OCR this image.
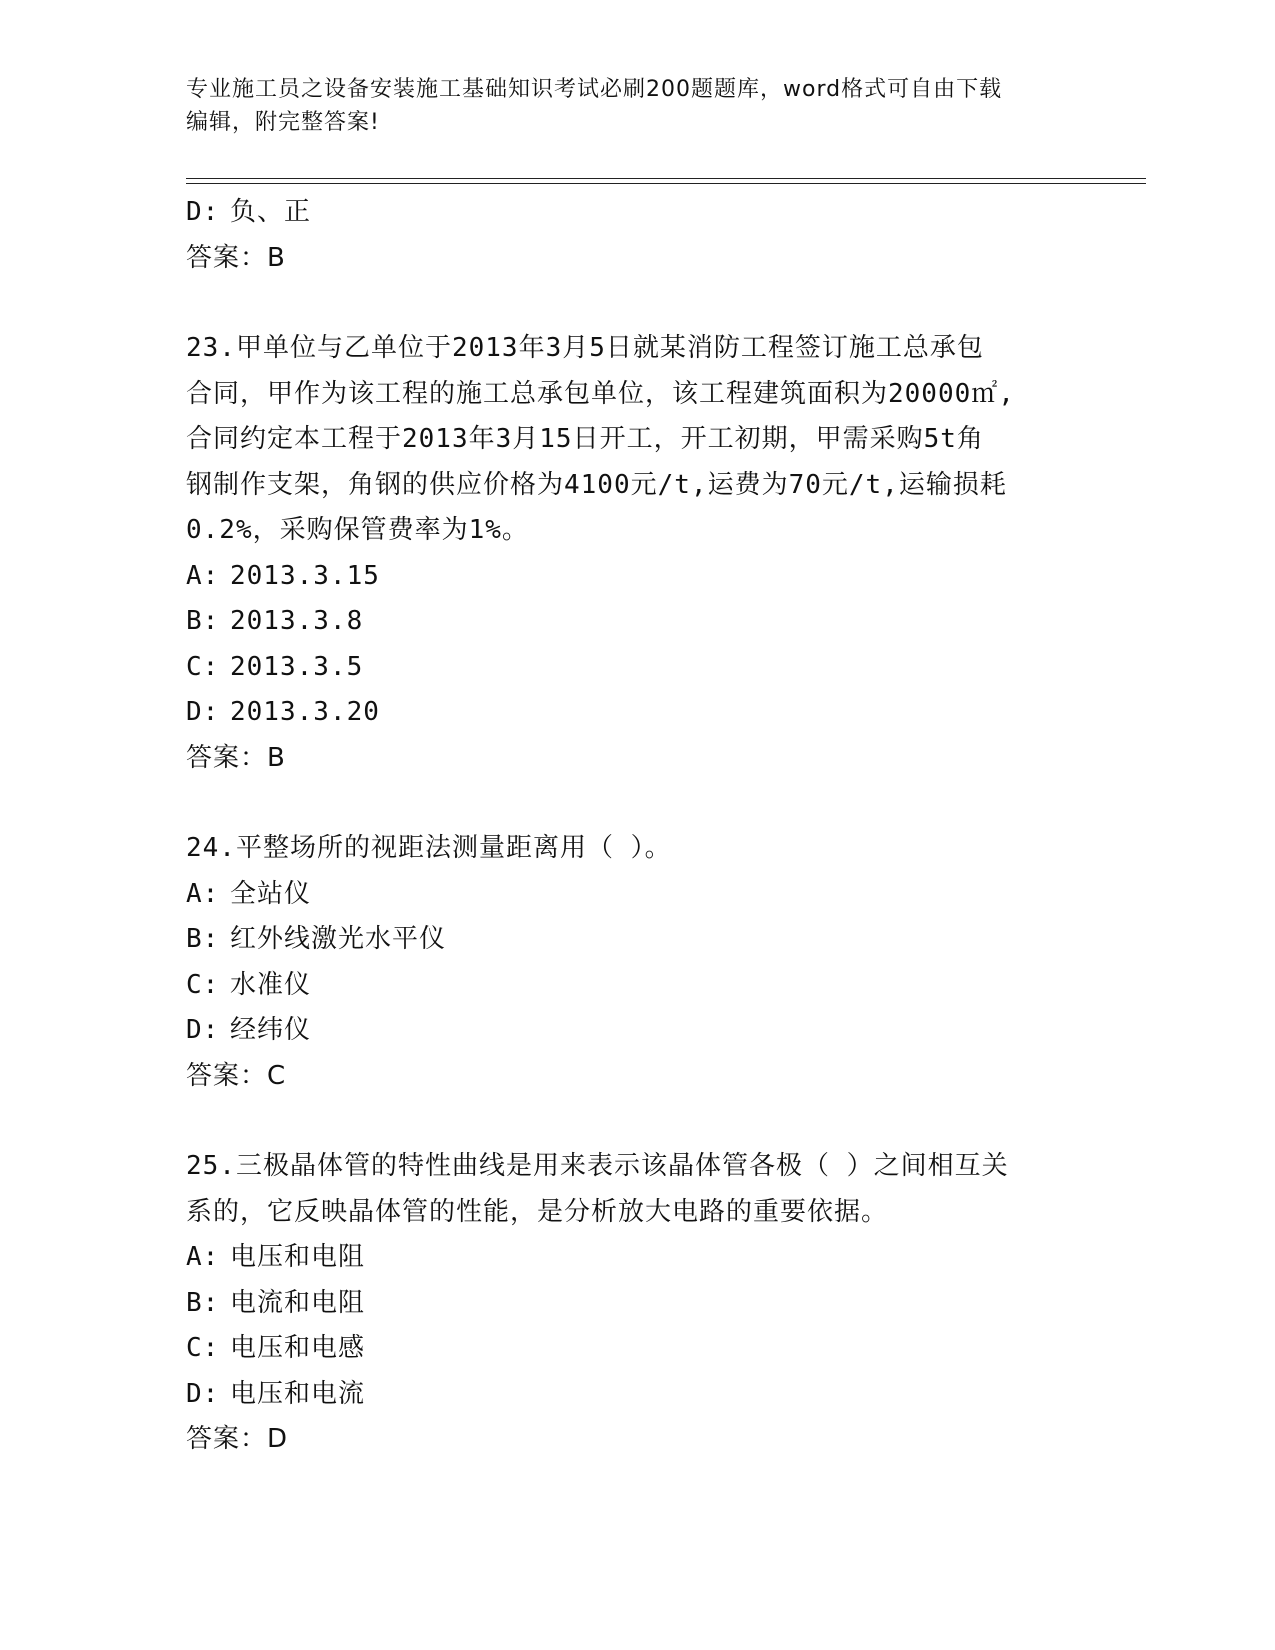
专业施工员之设备安装施工基础知识考试必刷200题题库，word格式可自由下载
编辑，附完整答案!
D: 负、正
答案：B
23.甲单位与乙单位于2013年3月5日就某消防工程签订施工总承包
合同，甲作为该工程的施工总承包单位，该工程建筑面积为20000㎡,
合同约定本工程于2013年3月15日开工，开工初期，甲需采购5t角
钢制作支架，角钢的供应价格为4100元/t,运费为70元/t,运输损耗
0.2%，采购保管费率为1%。
A: 2013.3.15
B: 2013.3.8
C: 2013.3.5
D: 2013.3.20
答案：B
24.平整场所的视距法测量距离用（ ）。
A: 全站仪
B: 红外线激光水平仪
C: 水准仪
D: 经纬仪
答案：C
25.三极晶体管的特性曲线是用来表示该晶体管各极（ ）之间相互关
系的，它反映晶体管的性能，是分析放大电路的重要依据。
A: 电压和电阻
B: 电流和电阻
C: 电压和电感
D: 电压和电流
答案：D
